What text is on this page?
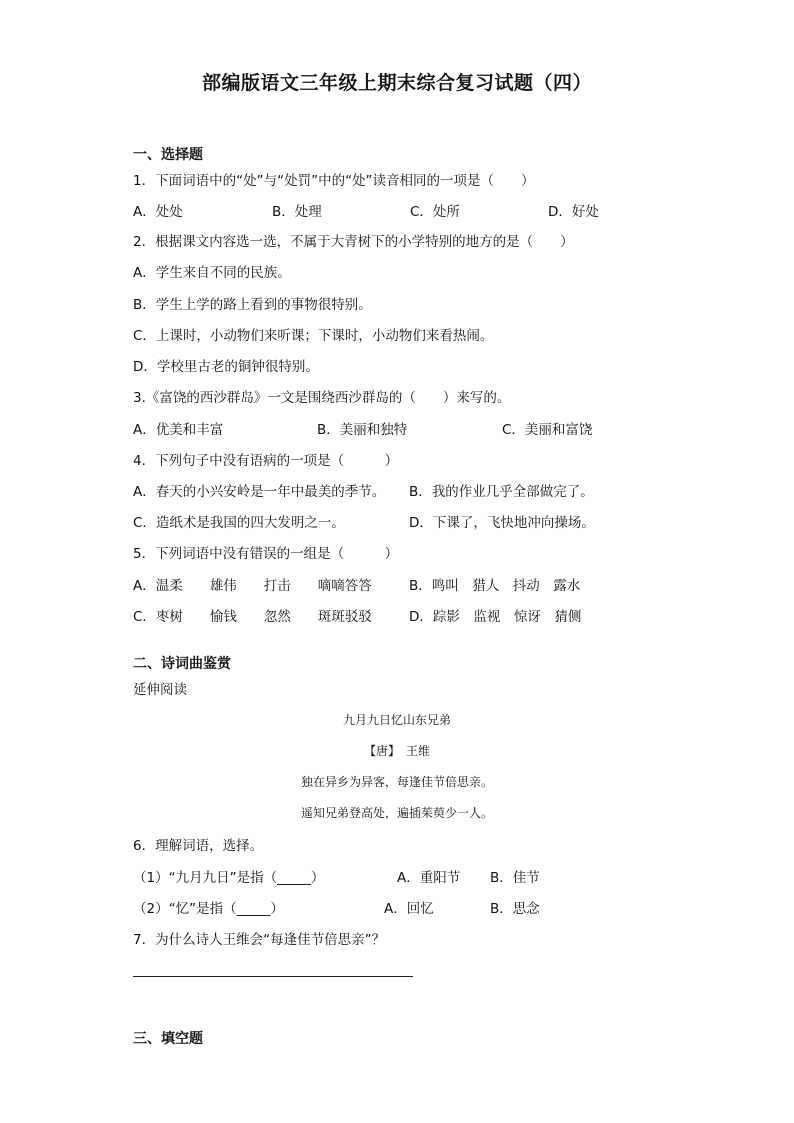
部编版语文三年级上期末综合复习试题（四）
一、选择题
1．下面词语中的“处”与“处罚”中的“处”读音相同的一项是（　　）
A．处处	B．处理	C．处所	D．好处
2．根据课文内容选一选，不属于大青树下的小学特别的地方的是（　　）
A．学生来自不同的民族。
B．学生上学的路上看到的事物很特别。
C．上课时，小动物们来听课；下课时，小动物们来看热闹。
D．学校里古老的铜钟很特别。
3.《富饶的西沙群岛》一文是围绕西沙群岛的（　　）来写的。
A．优美和丰富	B．美丽和独特	C．美丽和富饶
4．下列句子中没有语病的一项是（　　　）
A．春天的小兴安岭是一年中最美的季节。 B．我的作业几乎全部做完了。
C．造纸术是我国的四大发明之一。	D．下课了，飞快地冲向操场。
5．下列词语中没有错误的一组是（　　　）
A．温柔　　雄伟　　打击　　嘀嘀答答	B．鸣叫　猎人　抖动　露水
C．枣树　　愉钱　　忽然　　斑斑驳驳	D．踪影　监视　惊讶　猜侧
二、诗词曲鉴赏
延伸阅读
九月九日忆山东兄弟
【唐】　王维
独在异乡为异客，每逢佳节倍思亲。
遥知兄弟登高处，遍插茱萸少一人。
6．理解词语，选择。
（1）“九月九日”是指（_____）	A．重阳节 B．佳节
（2）“忆”是指（_____）	A．回忆	B．思念
7．为什么诗人王维会“每逢佳节倍思亲”？
三、填空题
